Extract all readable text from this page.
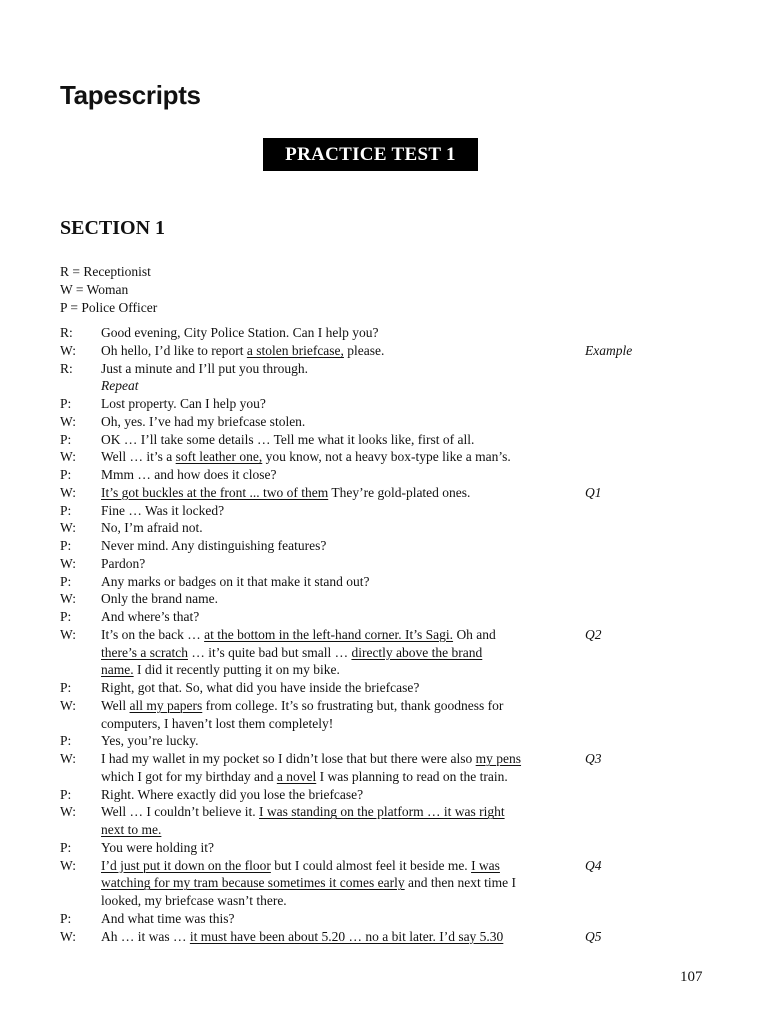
Tapescripts
PRACTICE TEST 1
SECTION 1
R = Receptionist
W = Woman
P = Police Officer
R: Good evening, City Police Station. Can I help you?
W: Oh hello, I’d like to report a stolen briefcase, please.	Example
R: Just a minute and I’ll put you through.
Repeat
P: Lost property. Can I help you?
W: Oh, yes. I’ve had my briefcase stolen.
P: OK … I’ll take some details … Tell me what it looks like, first of all.
W: Well … it’s a soft leather one, you know, not a heavy box-type like a man’s.
P: Mmm … and how does it close?
W: It’s got buckles at the front ... two of them They’re gold-plated ones.	Q1
P: Fine … Was it locked?
W: No, I’m afraid not.
P: Never mind. Any distinguishing features?
W: Pardon?
P: Any marks or badges on it that make it stand out?
W: Only the brand name.
P: And where’s that?
W: It’s on the back … at the bottom in the left-hand corner. It’s Sagi. Oh and	Q2
there’s a scratch … it’s quite bad but small … directly above the brand
name. I did it recently putting it on my bike.
P: Right, got that. So, what did you have inside the briefcase?
W: Well all my papers from college. It’s so frustrating but, thank goodness for
computers, I haven’t lost them completely!
P: Yes, you’re lucky.
W: I had my wallet in my pocket so I didn’t lose that but there were also my pens	Q3
which I got for my birthday and a novel I was planning to read on the train.
P: Right. Where exactly did you lose the briefcase?
W: Well … I couldn’t believe it. I was standing on the platform … it was right
next to me.
P: You were holding it?
W: I’d just put it down on the floor but I could almost feel it beside me. I was	Q4
watching for my tram because sometimes it comes early and then next time I
looked, my briefcase wasn’t there.
P: And what time was this?
W: Ah … it was … it must have been about 5.20 … no a bit later. I’d say 5.30	Q5
107
